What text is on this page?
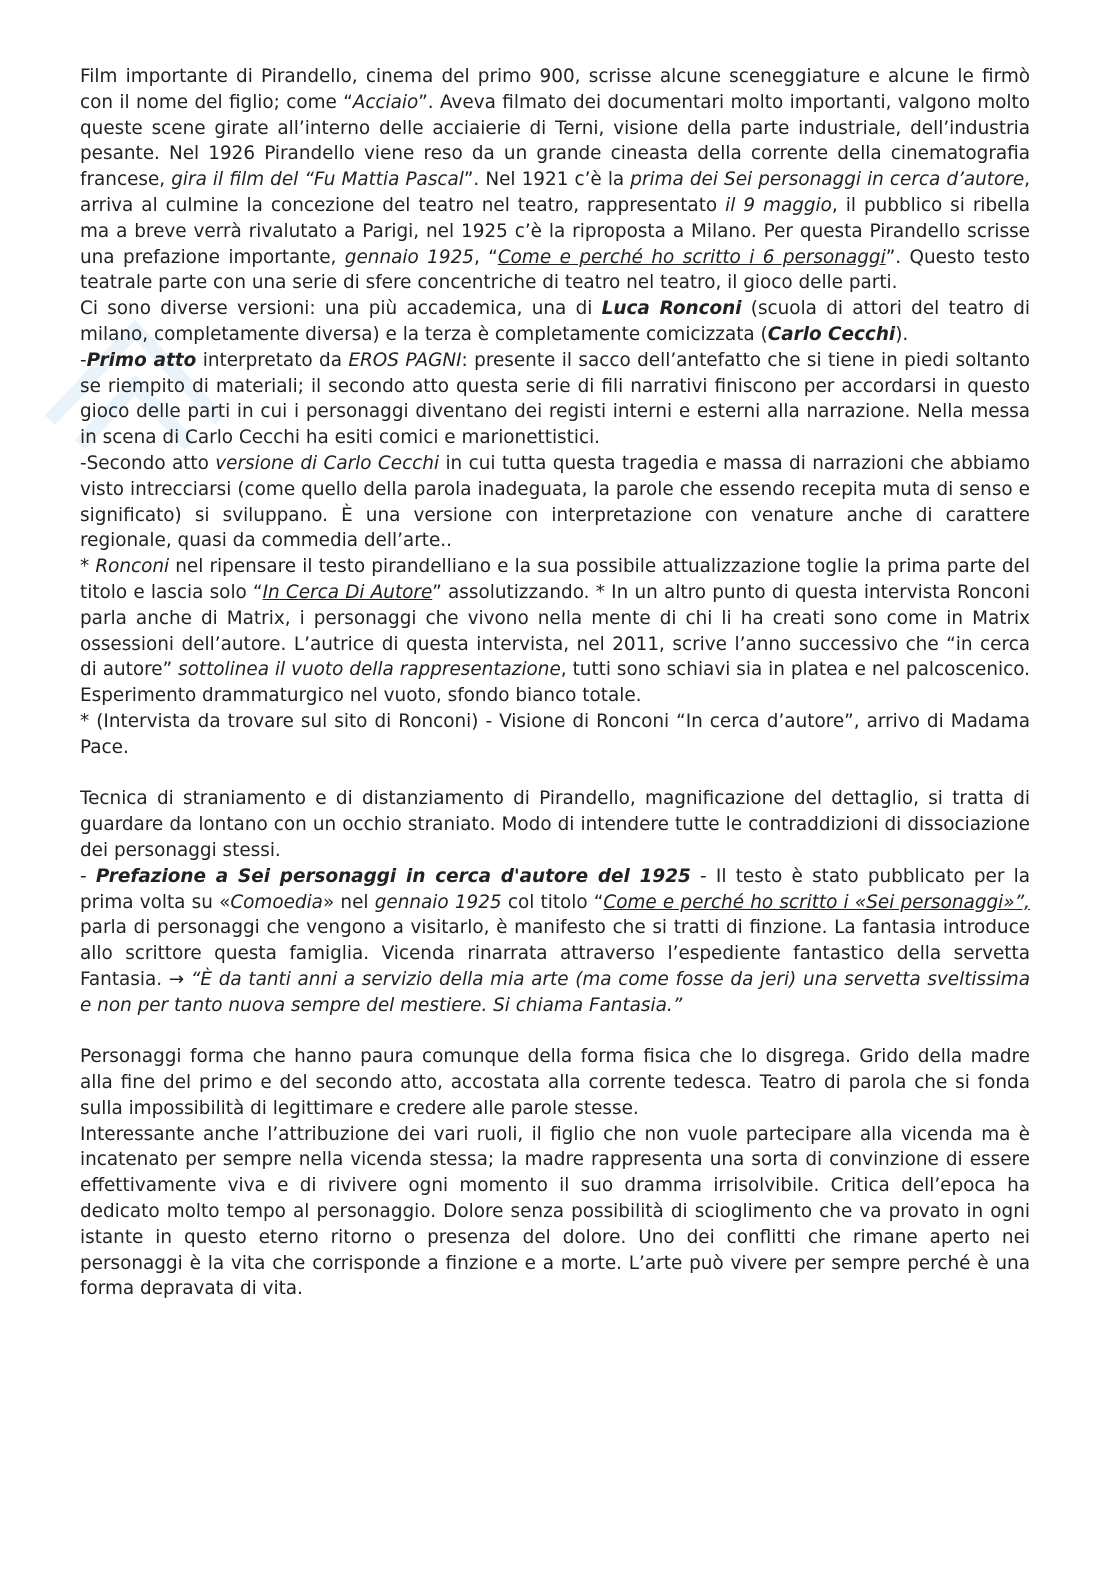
Film importante di Pirandello, cinema del primo 900, scrisse alcune sceneggiature e alcune le firmò con il nome del figlio; come “Acciaio”. Aveva filmato dei documentari molto importanti, valgono molto queste scene girate all’interno delle acciaierie di Terni, visione della parte industriale, dell’industria pesante. Nel 1926 Pirandello viene reso da un grande cineasta della corrente della cinematografia francese, gira il film del “Fu Mattia Pascal”. Nel 1921 c’è la prima dei Sei personaggi in cerca d’autore, arriva al culmine la concezione del teatro nel teatro, rappresentato il 9 maggio, il pubblico si ribella ma a breve verrà rivalutato a Parigi, nel 1925 c’è la riproposta a Milano. Per questa Pirandello scrisse una prefazione importante, gennaio 1925, “Come e perché ho scritto i 6 personaggi”. Questo testo teatrale parte con una serie di sfere concentriche di teatro nel teatro, il gioco delle parti.

Ci sono diverse versioni: una più accademica, una di Luca Ronconi (scuola di attori del teatro di milano, completamente diversa) e la terza è completamente comicizzata (Carlo Cecchi).

-Primo atto interpretato da EROS PAGNI: presente il sacco dell’antefatto che si tiene in piedi soltanto se riempito di materiali; il secondo atto questa serie di fili narrativi finiscono per accordarsi in questo gioco delle parti in cui i personaggi diventano dei registi interni e esterni alla narrazione. Nella messa in scena di Carlo Cecchi ha esiti comici e marionettistici.

-Secondo atto versione di Carlo Cecchi in cui tutta questa tragedia e massa di narrazioni che abbiamo visto intrecciarsi (come quello della parola inadeguata, la parole che essendo recepita muta di senso e significato) si sviluppano. È una versione con interpretazione con venature anche di carattere regionale, quasi da commedia dell’arte..

* Ronconi nel ripensare il testo pirandelliano e la sua possibile attualizzazione toglie la prima parte del titolo e lascia solo “In Cerca Di Autore” assolutizzando. * In un altro punto di questa intervista Ronconi parla anche di Matrix, i personaggi che vivono nella mente di chi li ha creati sono come in Matrix ossessioni dell’autore. L’autrice di questa intervista, nel 2011, scrive l’anno successivo che “in cerca di autore” sottolinea il vuoto della rappresentazione, tutti sono schiavi sia in platea e nel palcoscenico. Esperimento drammaturgico nel vuoto, sfondo bianco totale.

* (Intervista da trovare sul sito di Ronconi) - Visione di Ronconi “In cerca d’autore”, arrivo di Madama Pace.

Tecnica di straniamento e di distanziamento di Pirandello, magnificazione del dettaglio, si tratta di guardare da lontano con un occhio straniato. Modo di intendere tutte le contraddizioni di dissociazione dei personaggi stessi.

- Prefazione a Sei personaggi in cerca d'autore del 1925 - Il testo è stato pubblicato per la prima volta su «Comoedia» nel gennaio 1925 col titolo “Come e perché ho scritto i «Sei personaggi»”, parla di personaggi che vengono a visitarlo, è manifesto che si tratti di finzione. La fantasia introduce allo scrittore questa famiglia. Vicenda rinarrata attraverso l’espediente fantastico della servetta Fantasia. → “È da tanti anni a servizio della mia arte (ma come fosse da jeri) una servetta sveltissima e non per tanto nuova sempre del mestiere. Si chiama Fantasia.”

Personaggi forma che hanno paura comunque della forma fisica che lo disgrega. Grido della madre alla fine del primo e del secondo atto, accostata alla corrente tedesca. Teatro di parola che si fonda sulla impossibilità di legittimare e credere alle parole stesse.

Interessante anche l’attribuzione dei vari ruoli, il figlio che non vuole partecipare alla vicenda ma è incatenato per sempre nella vicenda stessa; la madre rappresenta una sorta di convinzione di essere effettivamente viva e di rivivere ogni momento il suo dramma irrisolvibile. Critica dell’epoca ha dedicato molto tempo al personaggio. Dolore senza possibilità di scioglimento che va provato in ogni istante in questo eterno ritorno o presenza del dolore. Uno dei conflitti che rimane aperto nei personaggi è la vita che corrisponde a finzione e a morte. L’arte può vivere per sempre perché è una forma depravata di vita.
